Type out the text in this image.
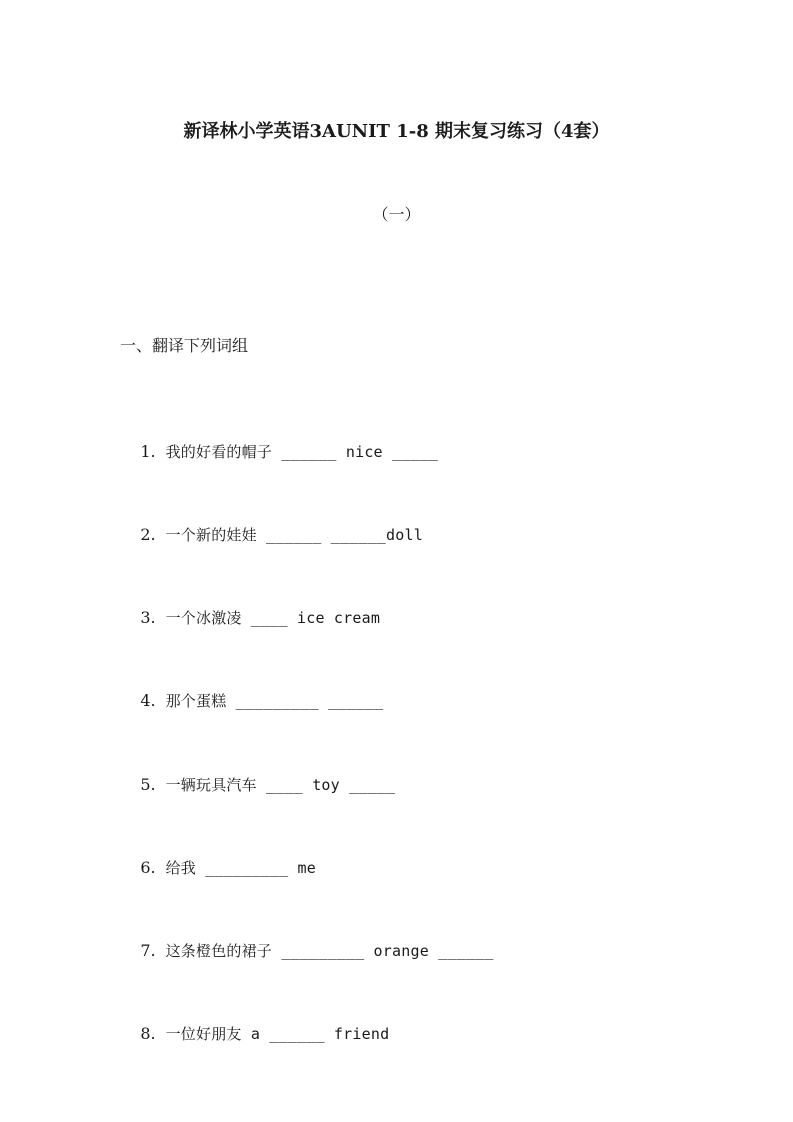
新译林小学英语3AUNIT 1-8 期末复习练习（4套）
（一）
一、翻译下列词组

1. 我的好看的帽子 ______ nice _____

2. 一个新的娃娃 ______ ______doll

3. 一个冰激凌 ____ ice cream

4. 那个蛋糕 _________ ______

5. 一辆玩具汽车 ____ toy _____

6. 给我 _________ me

7. 这条橙色的裙子 _________ orange ______

8. 一位好朋友 a ______ friend
